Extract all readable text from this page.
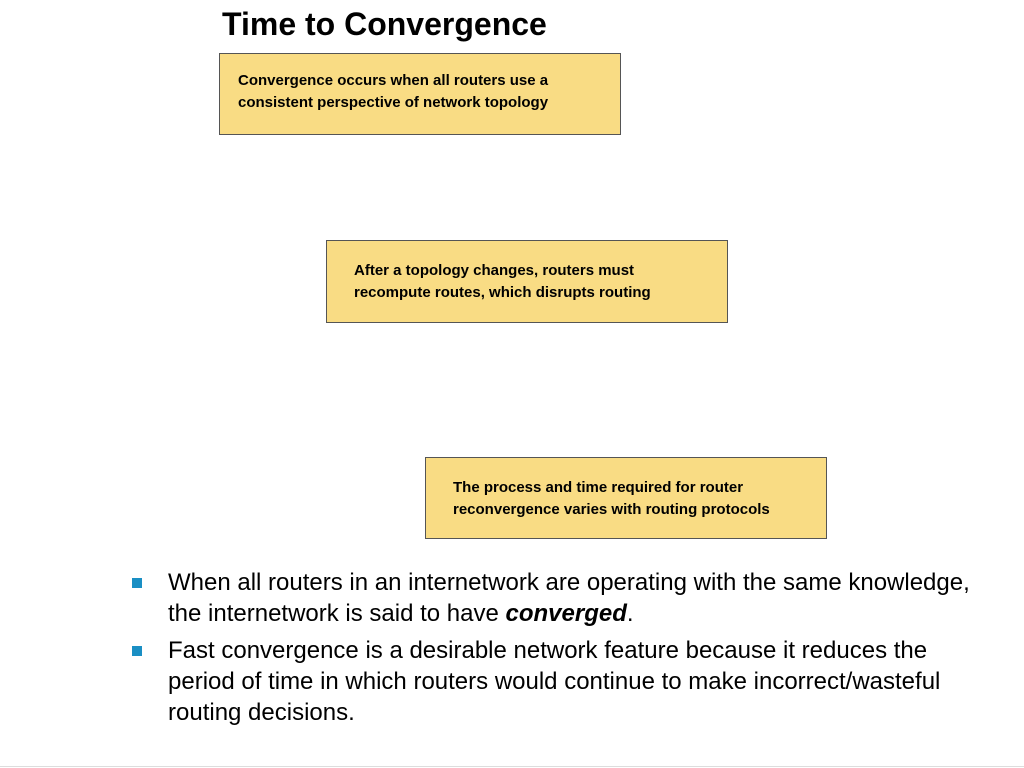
Time to Convergence
Convergence occurs when all routers use a
consistent perspective of network topology
After a topology changes, routers must
recompute routes, which disrupts routing
The process and time required for router
reconvergence varies with routing protocols
When all routers in an internetwork are operating with the same knowledge, the internetwork is said to have converged.
Fast convergence is a desirable network feature because it reduces the period of time in which routers would continue to make incorrect/wasteful routing decisions.
